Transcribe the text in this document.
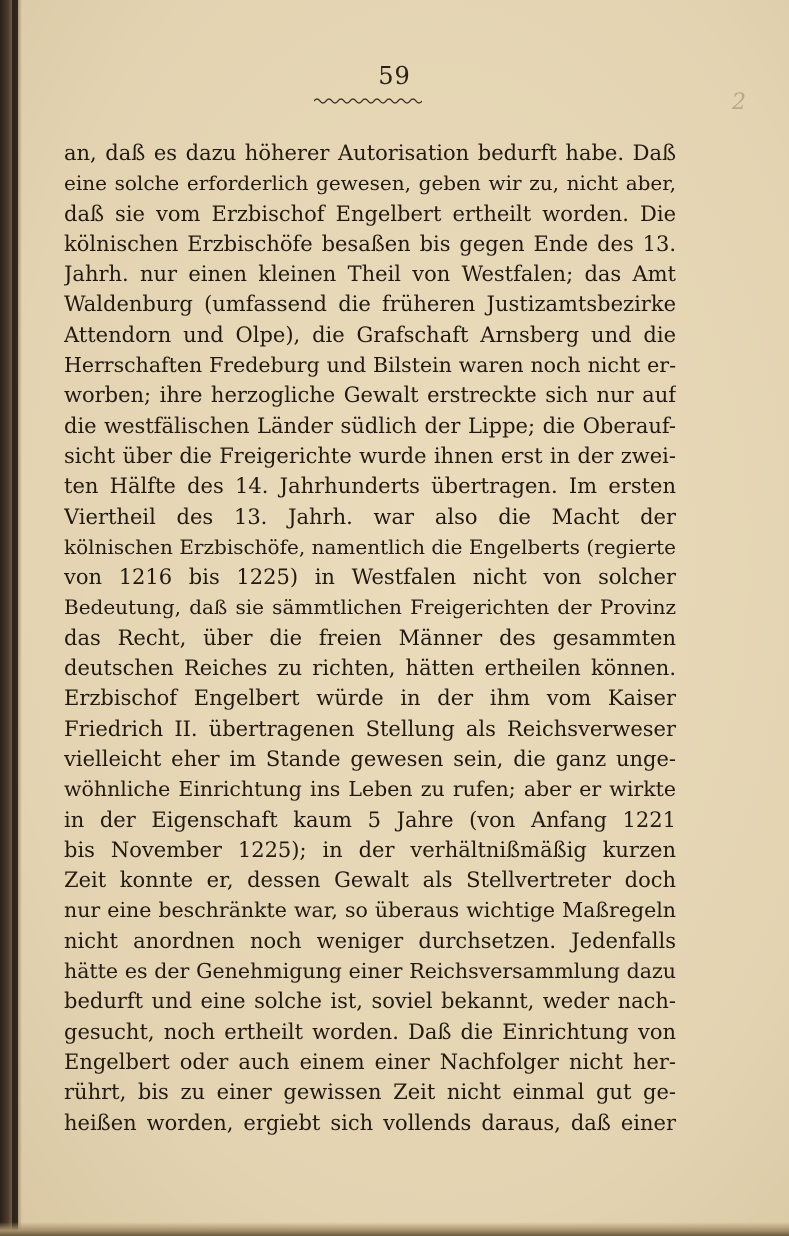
59
2
an, daß es dazu höherer Autorisation bedurft habe. Daß
eine solche erforderlich gewesen, geben wir zu, nicht aber,
daß sie vom Erzbischof Engelbert ertheilt worden. Die
kölnischen Erzbischöfe besaßen bis gegen Ende des 13.
Jahrh. nur einen kleinen Theil von Westfalen; das Amt
Waldenburg (umfassend die früheren Justizamtsbezirke
Attendorn und Olpe), die Grafschaft Arnsberg und die
Herrschaften Fredeburg und Bilstein waren noch nicht er-
worben; ihre herzogliche Gewalt erstreckte sich nur auf
die westfälischen Länder südlich der Lippe; die Oberauf-
sicht über die Freigerichte wurde ihnen erst in der zwei-
ten Hälfte des 14. Jahrhunderts übertragen. Im ersten
Viertheil des 13. Jahrh. war also die Macht der
kölnischen Erzbischöfe, namentlich die Engelberts (regierte
von 1216 bis 1225) in Westfalen nicht von solcher
Bedeutung, daß sie sämmtlichen Freigerichten der Provinz
das Recht, über die freien Männer des gesammten
deutschen Reiches zu richten, hätten ertheilen können.
Erzbischof Engelbert würde in der ihm vom Kaiser
Friedrich II. übertragenen Stellung als Reichsverweser
vielleicht eher im Stande gewesen sein, die ganz unge-
wöhnliche Einrichtung ins Leben zu rufen; aber er wirkte
in der Eigenschaft kaum 5 Jahre (von Anfang 1221
bis November 1225); in der verhältnißmäßig kurzen
Zeit konnte er, dessen Gewalt als Stellvertreter doch
nur eine beschränkte war, so überaus wichtige Maßregeln
nicht anordnen noch weniger durchsetzen. Jedenfalls
hätte es der Genehmigung einer Reichsversammlung dazu
bedurft und eine solche ist, soviel bekannt, weder nach-
gesucht, noch ertheilt worden. Daß die Einrichtung von
Engelbert oder auch einem einer Nachfolger nicht her-
rührt, bis zu einer gewissen Zeit nicht einmal gut ge-
heißen worden, ergiebt sich vollends daraus, daß einer
